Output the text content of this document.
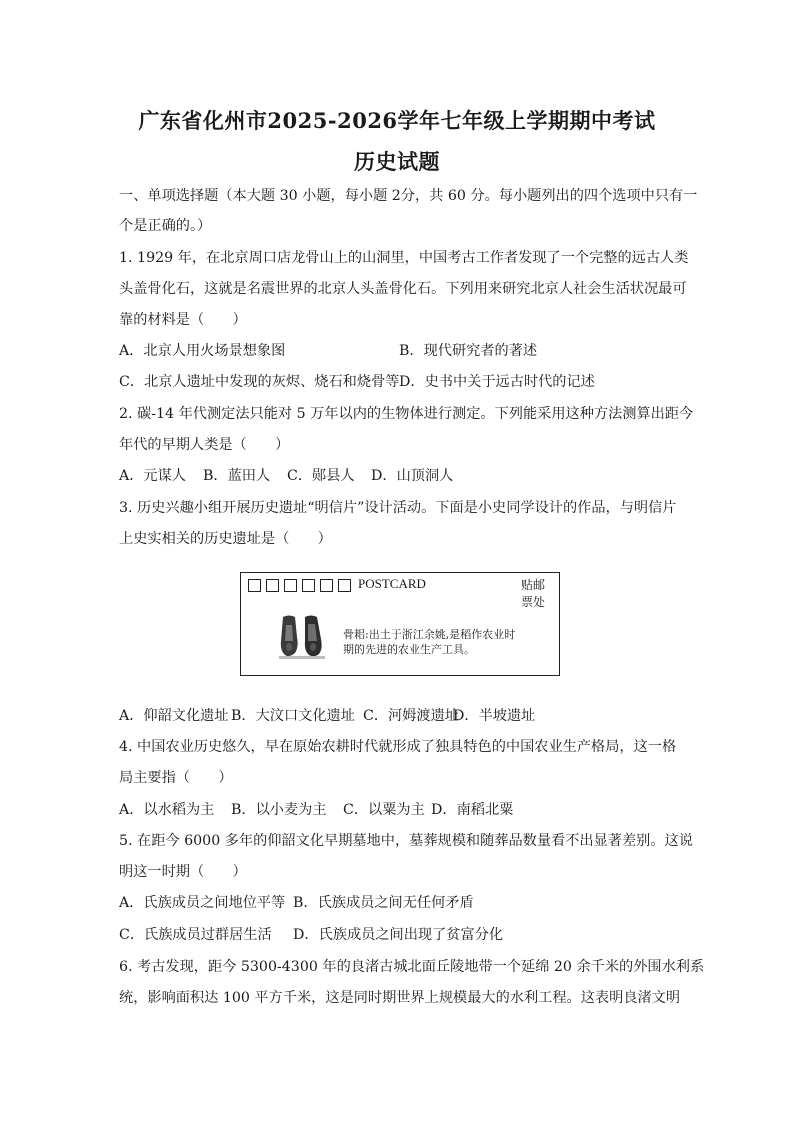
广东省化州市2025-2026学年七年级上学期期中考试
历史试题
一、单项选择题（本大题 30 小题，每小题 2分，共 60 分。每小题列出的四个选项中只有一
个是正确的。）
1. 1929 年，在北京周口店龙骨山上的山洞里，中国考古工作者发现了一个完整的远古人类
头盖骨化石，这就是名震世界的北京人头盖骨化石。下列用来研究北京人社会生活状况最可
靠的材料是（　　）
A．北京人用火场景想象图	B．现代研究者的著述
C．北京人遗址中发现的灰烬、烧石和烧骨等 D．史书中关于远古时代的记述
2. 碳-14 年代测定法只能对 5 万年以内的生物体进行测定。下列能采用这种方法测算出距今
年代的早期人类是（　　）
A．元谋人 B．蓝田人 C．郧县人 D．山顶洞人
3. 历史兴趣小组开展历史遗址“明信片”设计活动。下面是小史同学设计的作品，与明信片
上史实相关的历史遗址是（　　）
POSTCARD	贴邮票处
骨耜:出土于浙江余姚,是稻作农业时期的先进的农业生产工具。
A．仰韶文化遗址 B．大汶口文化遗址 C．河姆渡遗址
D．半坡遗址
4. 中国农业历史悠久，早在原始农耕时代就形成了独具特色的中国农业生产格局，这一格
局主要指（　　）
A．以水稻为主 B．以小麦为主 C．以粟为主 D．南稻北粟
5. 在距今 6000 多年的仰韶文化早期墓地中，墓葬规模和随葬品数量看不出显著差别。这说
明这一时期（　　）
A．氏族成员之间地位平等 B．氏族成员之间无任何矛盾
C．氏族成员过群居生活 D．氏族成员之间出现了贫富分化
6. 考古发现，距今 5300-4300 年的良渚古城北面丘陵地带一个延绵 20 余千米的外围水利系
统，影响面积达 100 平方千米，这是同时期世界上规模最大的水利工程。这表明良渚文明
